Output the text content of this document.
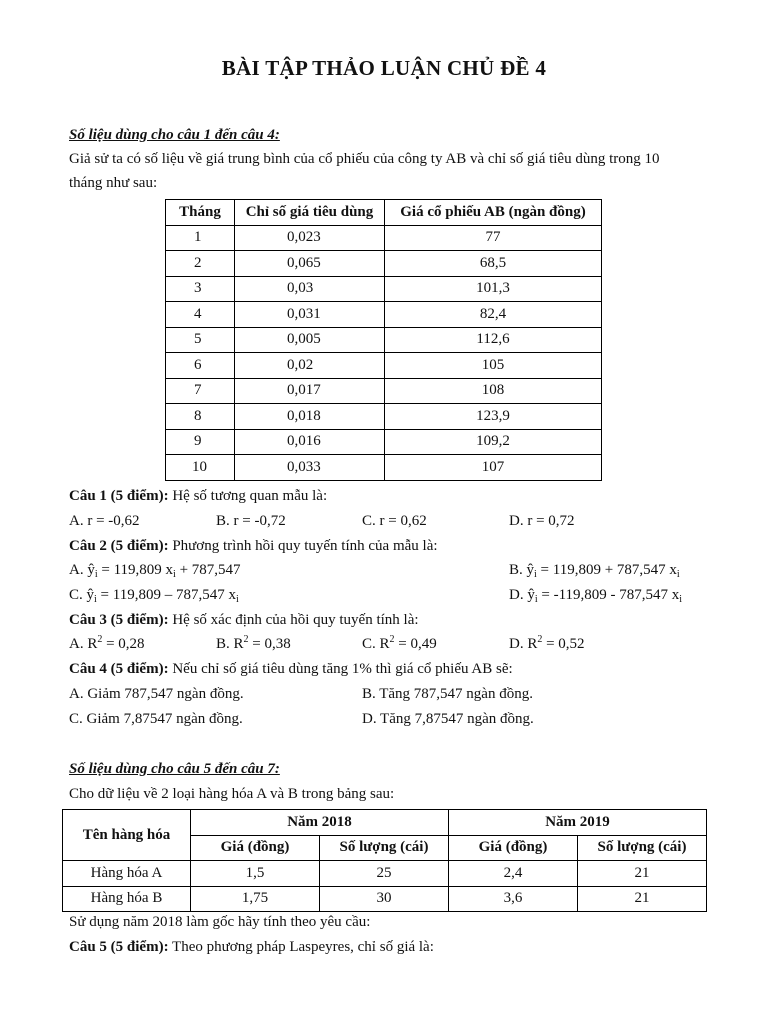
BÀI TẬP THẢO LUẬN CHỦ ĐỀ 4
Số liệu dùng cho câu 1 đến câu 4:
Giả sử ta có số liệu về giá trung bình của cổ phiếu của công ty AB và chỉ số giá tiêu dùng trong 10
tháng như sau:
Tháng	Chỉ số giá tiêu dùng	Giá cổ phiếu AB (ngàn đồng)
1	0,023	77
2	0,065	68,5
3	0,03	101,3
4	0,031	82,4
5	0,005	112,6
6	0,02	105
7	0,017	108
8	0,018	123,9
9	0,016	109,2
10	0,033	107
Câu 1 (5 điểm): Hệ số tương quan mẫu là:
A. r = -0,62	B. r = -0,72	C. r = 0,62	D. r = 0,72
Câu 2 (5 điểm): Phương trình hồi quy tuyến tính của mẫu là:
A. $ŷ_i = 119,809$ $x_i + 787,547$	B. $ŷ_i = 119,809 + 787,547$ $x_i$
C. $ŷ_i = 119,809 - 787,547$ $x_i$	D. $ŷ_i = -119,809 - 787,547$ $x_i$
Câu 3 (5 điểm): Hệ số xác định của hồi quy tuyến tính là:
A. $R^2 = 0,28$	B. $R^2 = 0,38$	C. $R^2 = 0,49$	D. $R^2 = 0,52$
Câu 4 (5 điểm): Nếu chỉ số giá tiêu dùng tăng 1% thì giá cổ phiếu AB sẽ:
A. Giảm 787,547 ngàn đồng.	B. Tăng 787,547 ngàn đồng.
C. Giảm 7,87547 ngàn đồng.	D. Tăng 7,87547 ngàn đồng.
Số liệu dùng cho câu 5 đến câu 7:
Cho dữ liệu về 2 loại hàng hóa A và B trong bảng sau:
Tên hàng hóa	Năm 2018		Năm 2019	
	Giá (đồng)	Số lượng (cái)	Giá (đồng)	Số lượng (cái)
Hàng hóa A	1,5	25	2,4	21
Hàng hóa B	1,75	30	3,6	21
Sử dụng năm 2018 làm gốc hãy tính theo yêu cầu:
Câu 5 (5 điểm): Theo phương pháp Laspeyres, chỉ số giá là:
